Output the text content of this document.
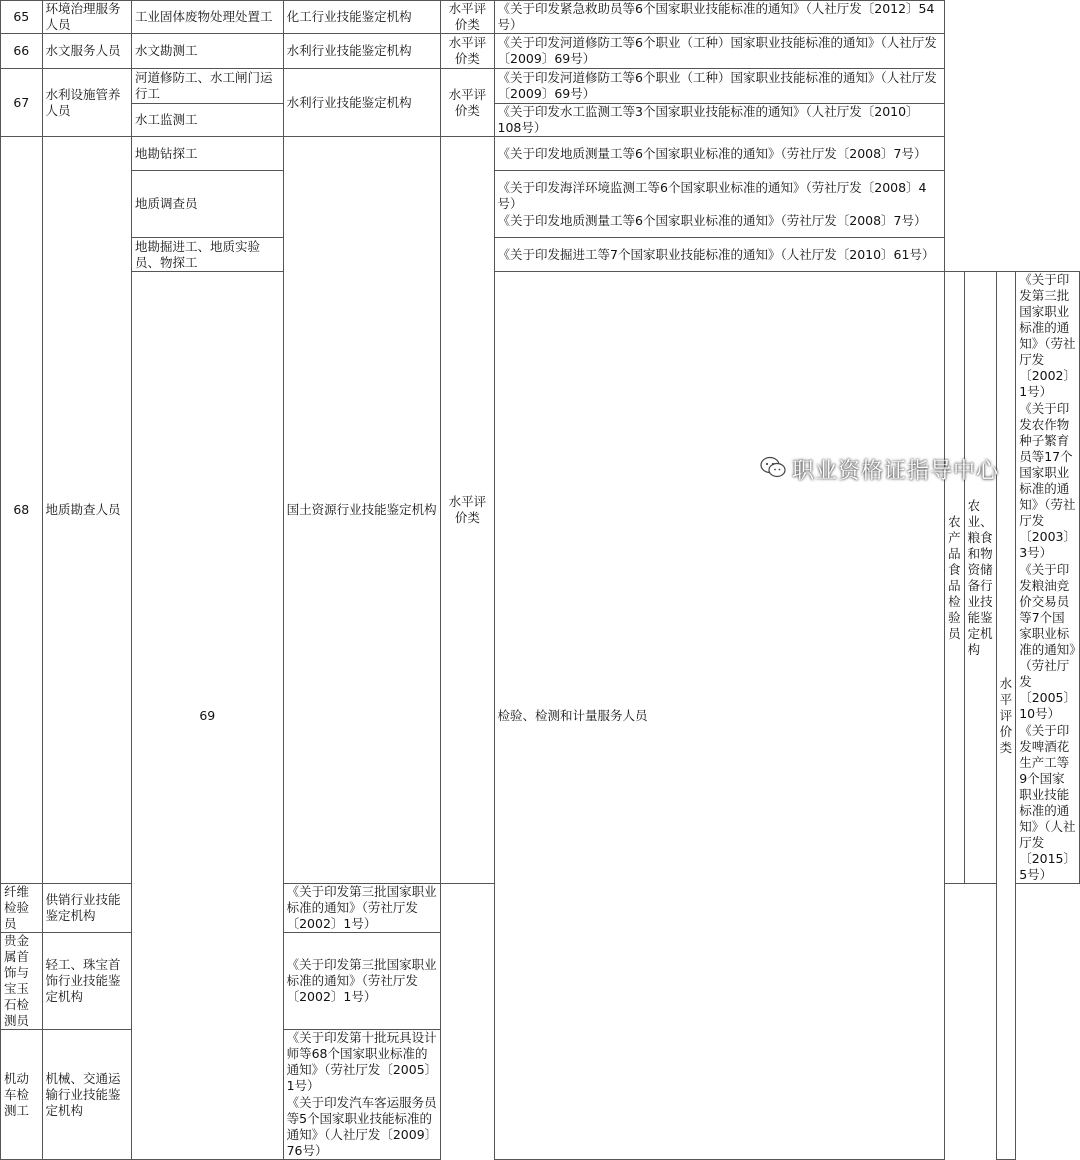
65	环境治理服务人员	工业固体废物处理处置工	化工行业技能鉴定机构	水平评价类	《关于印发紧急救助员等6个国家职业技能标准的通知》（人社厅发〔2012〕54号）				
66	水文服务人员	水文勘测工	水利行业技能鉴定机构	水平评价类	《关于印发河道修防工等6个职业（工种）国家职业技能标准的通知》（人社厅发〔2009〕69号）				
67	水利设施管养人员	河道修防工、水工闸门运行工	水利行业技能鉴定机构	水平评价类	《关于印发河道修防工等6个职业（工种）国家职业技能标准的通知》（人社厅发〔2009〕69号）				
		水工监测工			《关于印发水工监测工等3个国家职业技能标准的通知》（人社厅发〔2010〕108号）				
68	地质勘查人员	地勘钻探工	国土资源行业技能鉴定机构	水平评价类	《关于印发地质测量工等6个国家职业标准的通知》（劳社厅发〔2008〕7号）				
		地质调查员			《关于印发海洋环境监测工等6个国家职业标准的通知》（劳社厅发〔2008〕4号）
《关于印发地质测量工等6个国家职业标准的通知》（劳社厅发〔2008〕7号）				

		地勘掘进工、地质实验员、物探工			《关于印发掘进工等7个国家职业技能标准的通知》（人社厅发〔2010〕61号）				
		69			检验、检测和计量服务人员	农产品食品检验员	农业、粮食和物资储备行业技能鉴定机构	水平评价类	《关于印发第三批国家职业标准的通知》（劳社厅发〔2002〕1号）
《关于印发农作物种子繁育员等17个国家职业标准的通知》（劳社厅发〔2003〕3号）
《关于印发粮油竞价交易员等7个国家职业标准的通知》（劳社厅发〔2005〕10号）
《关于印发啤酒花生产工等9个国家职业技能标准的通知》（人社厅发〔2015〕5号）

纤维检验员	供销行业技能鉴定机构		《关于印发第三批国家职业标准的通知》（劳社厅发〔2002〕1号）						
贵金属首饰与宝玉石检测员	轻工、珠宝首饰行业技能鉴定机构		《关于印发第三批国家职业标准的通知》（劳社厅发〔2002〕1号）						
机动车检测工	机械、交通运输行业技能鉴定机构		《关于印发第十批玩具设计师等68个国家职业标准的通知》（劳社厅发〔2005〕1号）
《关于印发汽车客运服务员等5个国家职业技能标准的通知》（人社厅发〔2009〕76号）						
职业资格证指导中心
